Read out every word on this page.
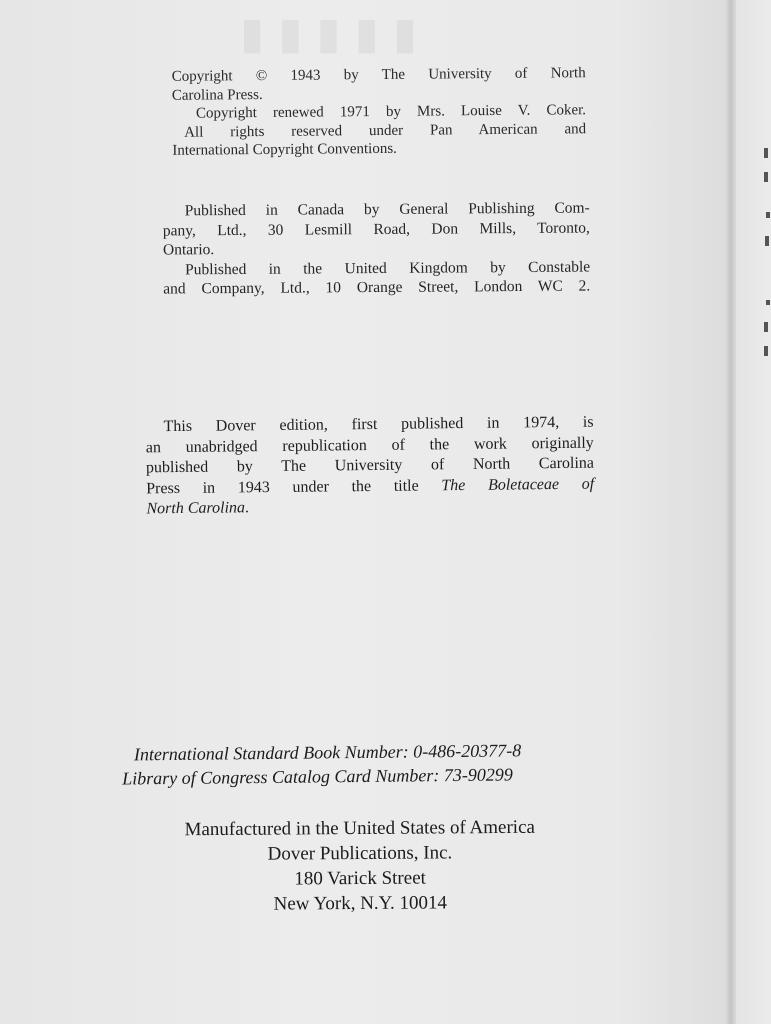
▮▮▮▮▮
Copyright © 1943 by The University of North
Carolina Press.
Copyright renewed 1971 by Mrs. Louise V. Coker.
All rights reserved under Pan American and
International Copyright Conventions.
Published in Canada by General Publishing Com-
pany, Ltd., 30 Lesmill Road, Don Mills, Toronto,
Ontario.
Published in the United Kingdom by Constable
and Company, Ltd., 10 Orange Street, London WC 2.
This Dover edition, first published in 1974, is
an unabridged republication of the work originally
published by The University of North Carolina
Press in 1943 under the title The Boletaceae of
North Carolina.
International Standard Book Number: 0-486-20377-8
Library of Congress Catalog Card Number: 73-90299
Manufactured in the United States of America
Dover Publications, Inc.
180 Varick Street
New York, N.Y. 10014
